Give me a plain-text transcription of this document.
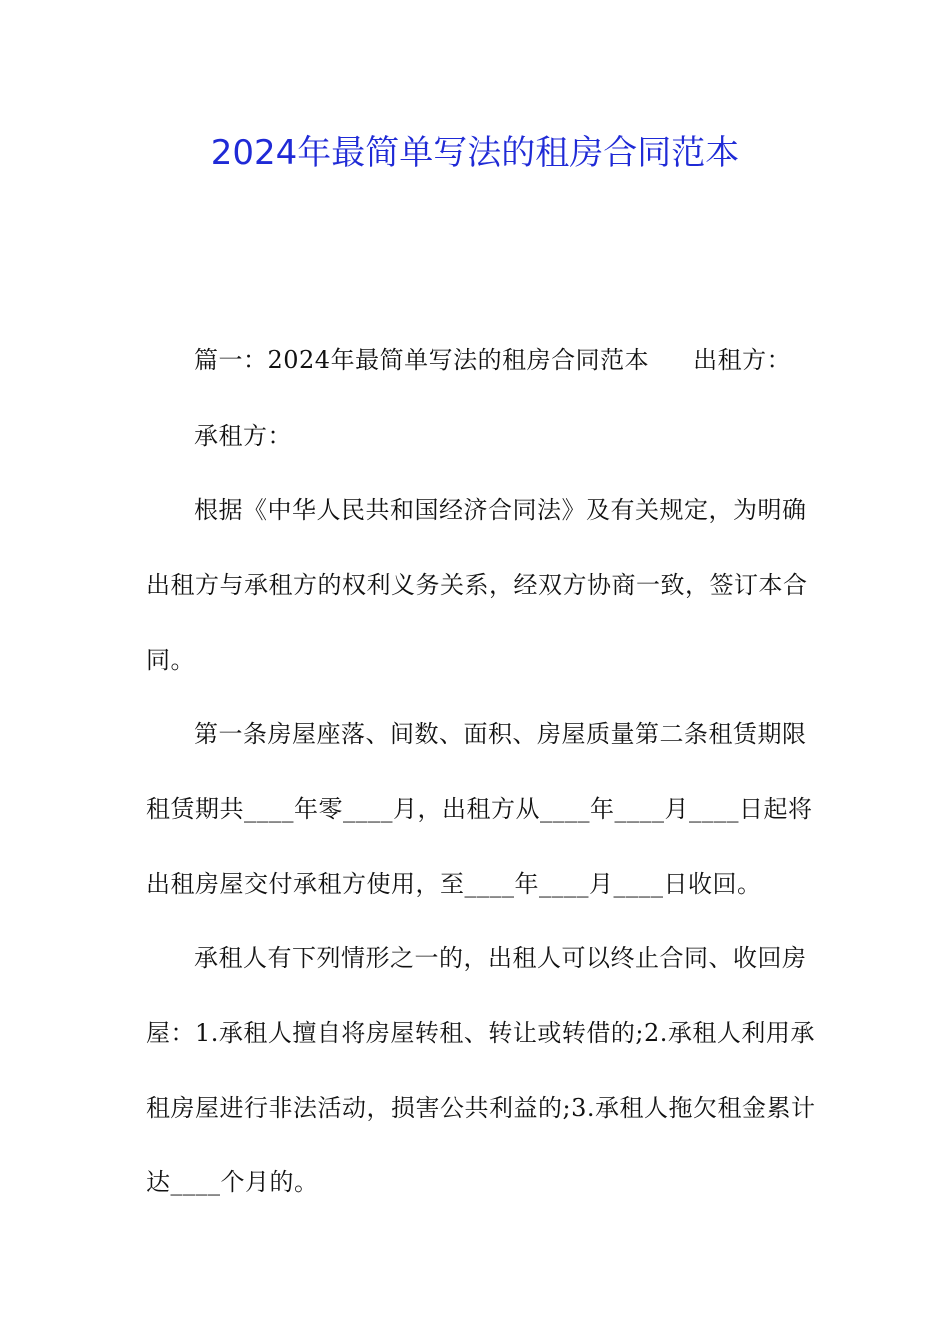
2024年最简单写法的租房合同范本
篇一：2024年最简单写法的租房合同范本 出租方：
承租方：
根据《中华人民共和国经济合同法》及有关规定，为明确
出租方与承租方的权利义务关系，经双方协商一致，签订本合
同。
第一条房屋座落、间数、面积、房屋质量第二条租赁期限
租赁期共____年零____月，出租方从____年____月____日起将
出租房屋交付承租方使用，至____年____月____日收回。
承租人有下列情形之一的，出租人可以终止合同、收回房
屋：1.承租人擅自将房屋转租、转让或转借的;2.承租人利用承
租房屋进行非法活动，损害公共利益的;3.承租人拖欠租金累计
达____个月的。
